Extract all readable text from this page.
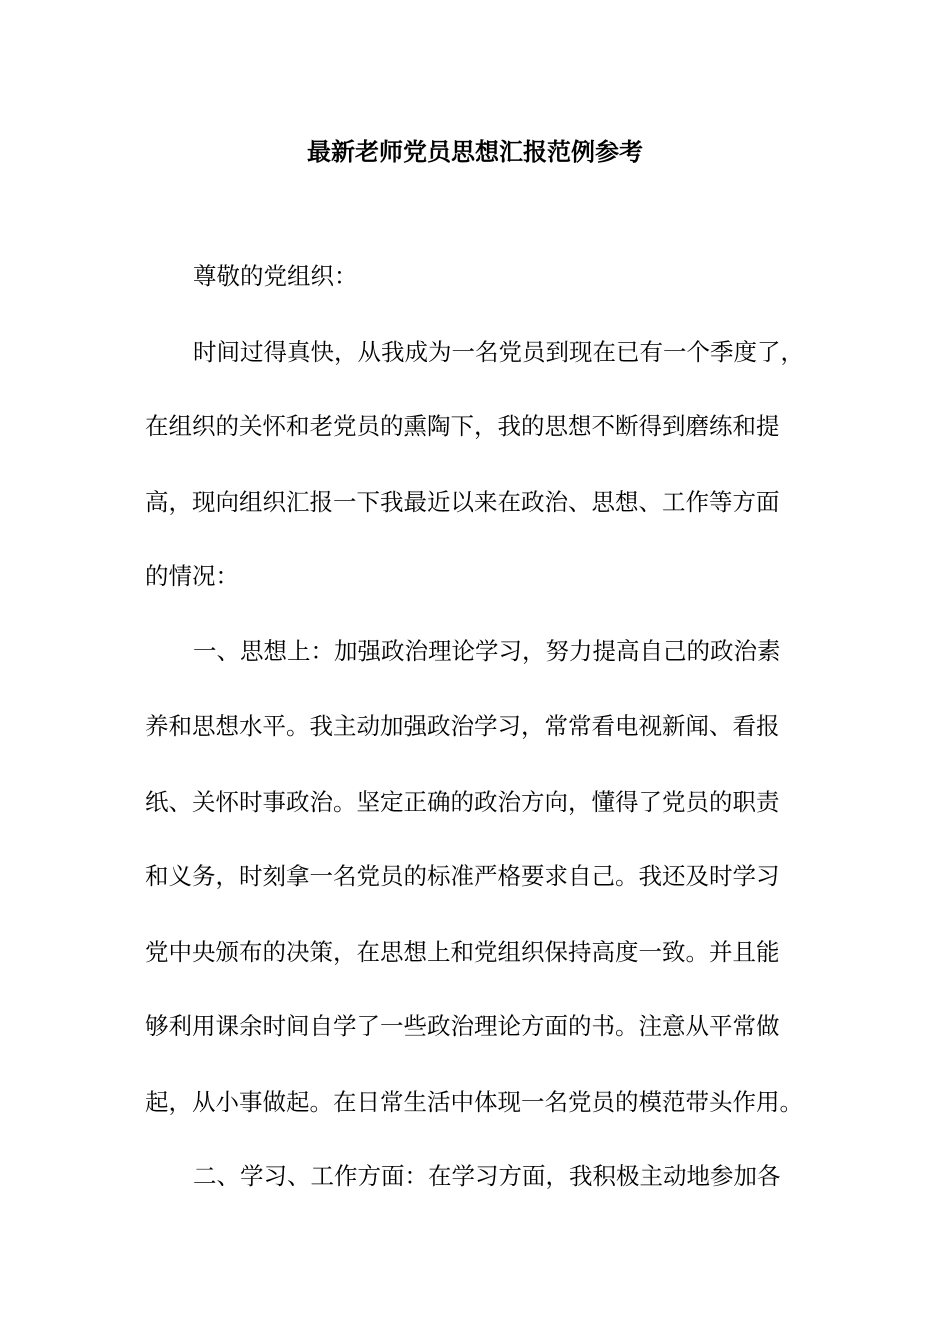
最新老师党员思想汇报范例参考
尊敬的党组织：
时间过得真快，从我成为一名党员到现在已有一个季度了，
在组织的关怀和老党员的熏陶下，我的思想不断得到磨练和提
高，现向组织汇报一下我最近以来在政治、思想、工作等方面
的情况：
一、思想上：加强政治理论学习，努力提高自己的政治素
养和思想水平。我主动加强政治学习，常常看电视新闻、看报
纸、关怀时事政治。坚定正确的政治方向，懂得了党员的职责
和义务，时刻拿一名党员的标准严格要求自己。我还及时学习
党中央颁布的决策，在思想上和党组织保持高度一致。并且能
够利用课余时间自学了一些政治理论方面的书。注意从平常做
起，从小事做起。在日常生活中体现一名党员的模范带头作用。
二、学习、工作方面：在学习方面，我积极主动地参加各
